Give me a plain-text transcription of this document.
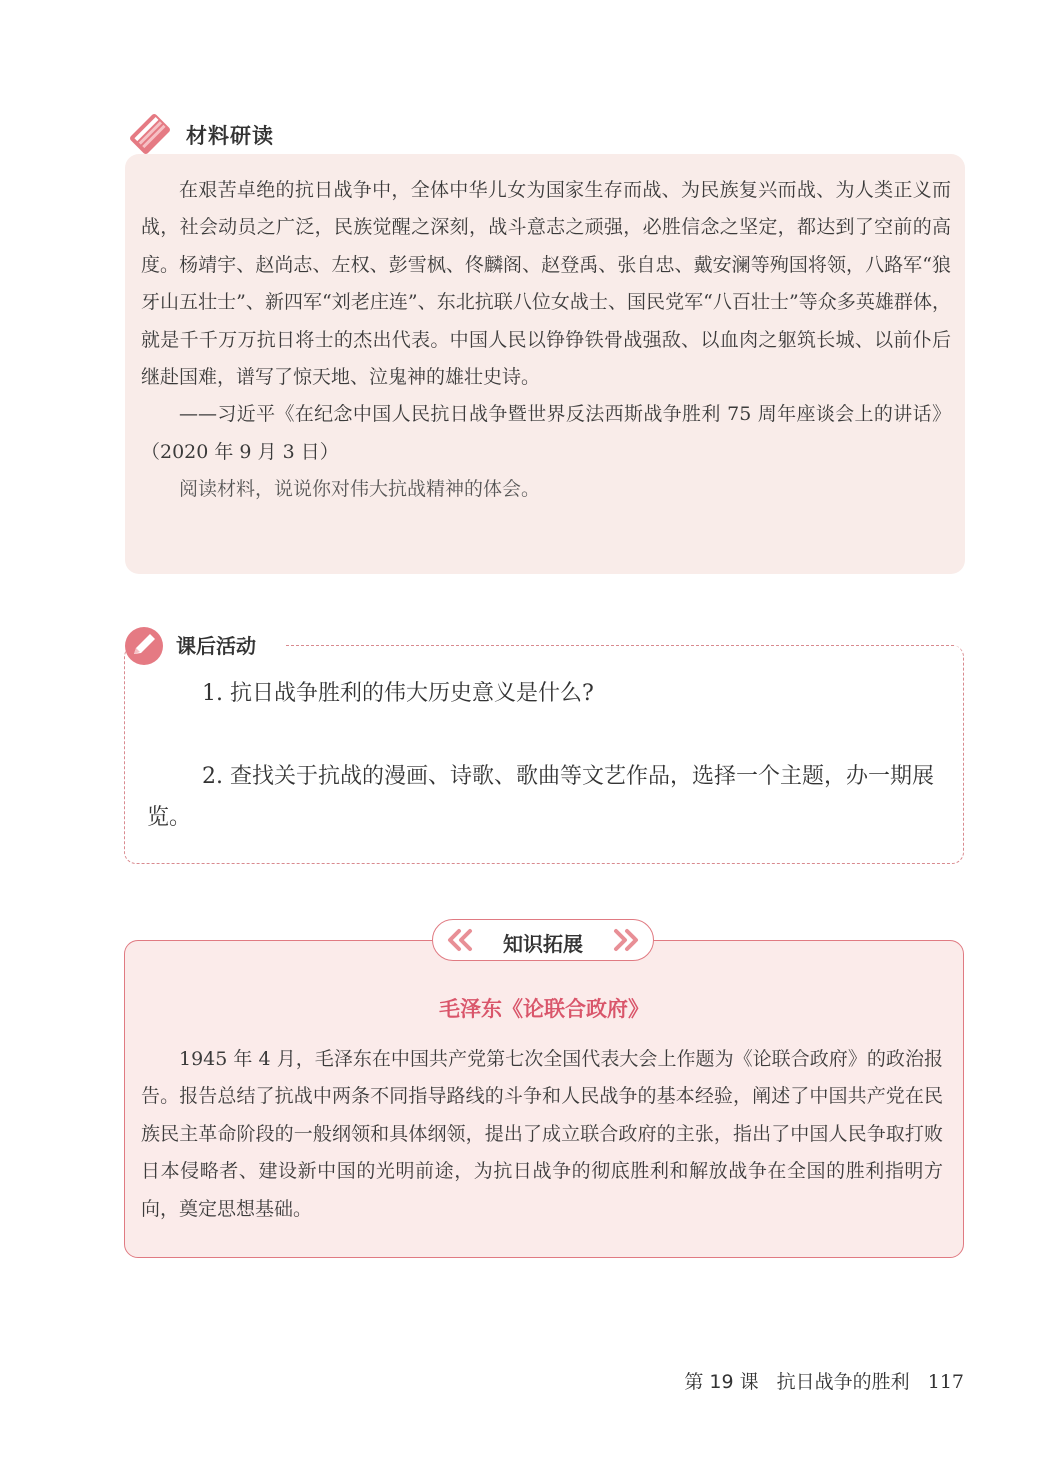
材料研读

在艰苦卓绝的抗日战争中，全体中华儿女为国家生存而战、为民族复兴而战、为人类正义而战，社会动员之广泛，民族觉醒之深刻，战斗意志之顽强，必胜信念之坚定，都达到了空前的高度。杨靖宇、赵尚志、左权、彭雪枫、佟麟阁、赵登禹、张自忠、戴安澜等殉国将领，八路军“狼牙山五壮士”、新四军“刘老庄连”、东北抗联八位女战士、国民党军“八百壮士”等众多英雄群体，就是千千万万抗日将士的杰出代表。中国人民以铮铮铁骨战强敌、以血肉之躯筑长城、以前仆后继赴国难，谱写了惊天地、泣鬼神的雄壮史诗。

——习近平《在纪念中国人民抗日战争暨世界反法西斯战争胜利 75 周年座谈会上的讲话》（2020 年 9 月 3 日）

阅读材料，说说你对伟大抗战精神的体会。

1. 抗日战争胜利的伟大历史意义是什么?

2. 查找关于抗战的漫画、诗歌、歌曲等文艺作品，选择一个主题，办一期展览。

课后活动
毛泽东《论联合政府》

1945 年 4 月，毛泽东在中国共产党第七次全国代表大会上作题为《论联合政府》的政治报告。报告总结了抗战中两条不同指导路线的斗争和人民战争的基本经验，阐述了中国共产党在民族民主革命阶段的一般纲领和具体纲领，提出了成立联合政府的主张，指出了中国人民争取打败日本侵略者、建设新中国的光明前途，为抗日战争的彻底胜利和解放战争在全国的胜利指明方向，奠定思想基础。

知识拓展
第 19 课 抗日战争的胜利 117
